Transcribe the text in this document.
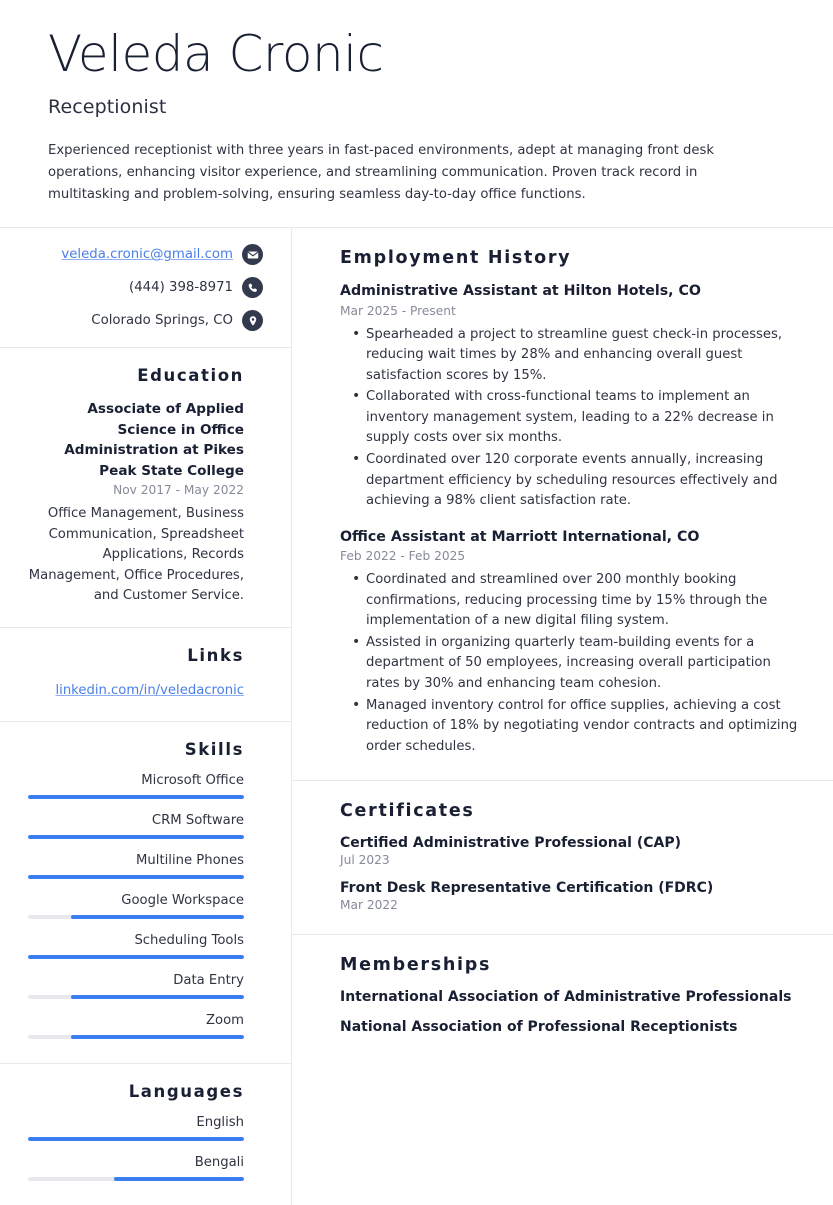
Veleda Cronic
Receptionist

Experienced receptionist with three years in fast-paced environments, adept at managing front desk operations, enhancing visitor experience, and streamlining communication. Proven track record in multitasking and problem-solving, ensuring seamless day-to-day office functions.

veleda.cronic@gmail.com
(444) 398-8971
Colorado Springs, CO
Education
Associate of Applied Science in Office Administration at Pikes Peak State College
Nov 2017 - May 2022
Office Management, Business Communication, Spreadsheet Applications, Records Management, Office Procedures, and Customer Service.
Links
linkedin.com/in/veledacronic
Skills
Microsoft Office
CRM Software
Multiline Phones
Google Workspace
Scheduling Tools
Data Entry
Zoom
Languages
English
Bengali
Employment History
Administrative Assistant at Hilton Hotels, CO
Mar 2025 - Present
• Spearheaded a project to streamline guest check-in processes, reducing wait times by 28% and enhancing overall guest satisfaction scores by 15%.
• Collaborated with cross-functional teams to implement an inventory management system, leading to a 22% decrease in supply costs over six months.
• Coordinated over 120 corporate events annually, increasing department efficiency by scheduling resources effectively and achieving a 98% client satisfaction rate.
Office Assistant at Marriott International, CO
Feb 2022 - Feb 2025
• Coordinated and streamlined over 200 monthly booking confirmations, reducing processing time by 15% through the implementation of a new digital filing system.
• Assisted in organizing quarterly team-building events for a department of 50 employees, increasing overall participation rates by 30% and enhancing team cohesion.
• Managed inventory control for office supplies, achieving a cost reduction of 18% by negotiating vendor contracts and optimizing order schedules.
Certificates
Certified Administrative Professional (CAP)
Jul 2023
Front Desk Representative Certification (FDRC)
Mar 2022
Memberships
International Association of Administrative Professionals
National Association of Professional Receptionists
